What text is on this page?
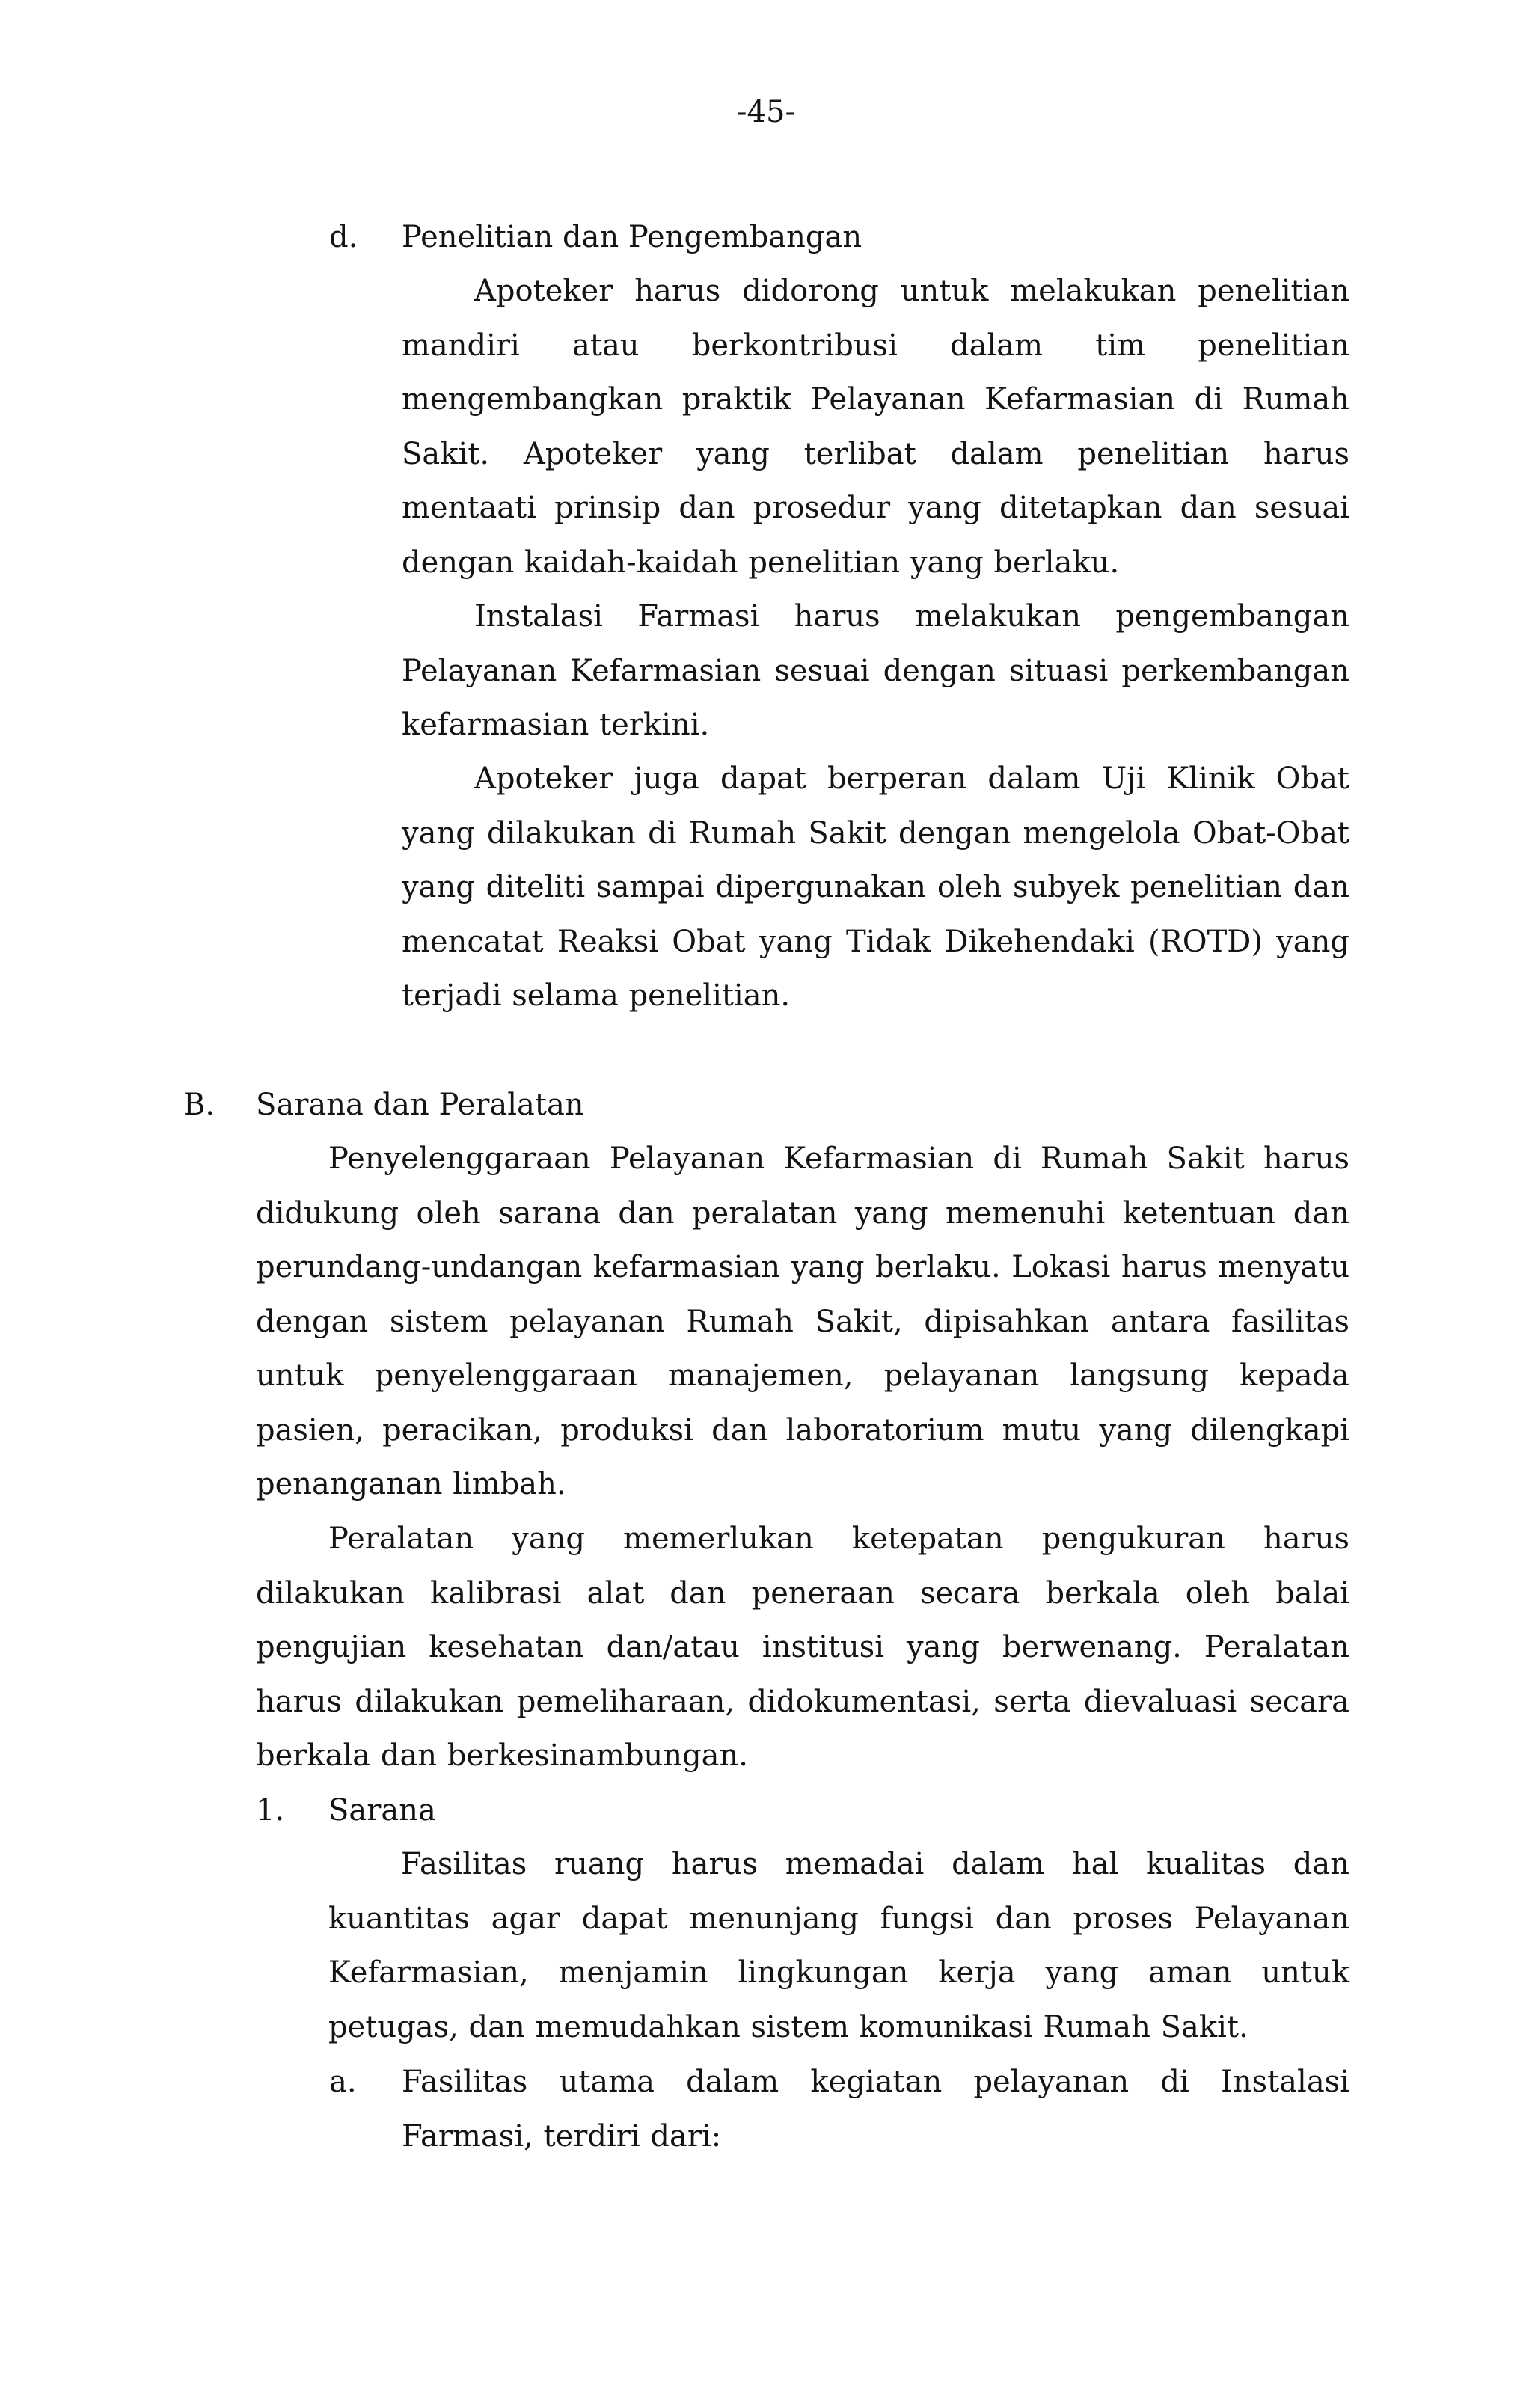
-45-
d. Penelitian dan Pengembangan

Apoteker harus didorong untuk melakukan penelitian mandiri atau berkontribusi dalam tim penelitian mengembangkan praktik Pelayanan Kefarmasian di Rumah Sakit. Apoteker yang terlibat dalam penelitian harus mentaati prinsip dan prosedur yang ditetapkan dan sesuai dengan kaidah-kaidah penelitian yang berlaku.

Instalasi Farmasi harus melakukan pengembangan Pelayanan Kefarmasian sesuai dengan situasi perkembangan kefarmasian terkini.

Apoteker juga dapat berperan dalam Uji Klinik Obat yang dilakukan di Rumah Sakit dengan mengelola Obat-Obat yang diteliti sampai dipergunakan oleh subyek penelitian dan mencatat Reaksi Obat yang Tidak Dikehendaki (ROTD) yang terjadi selama penelitian.

B. Sarana dan Peralatan

Penyelenggaraan Pelayanan Kefarmasian di Rumah Sakit harus didukung oleh sarana dan peralatan yang memenuhi ketentuan dan perundang-undangan kefarmasian yang berlaku. Lokasi harus menyatu dengan sistem pelayanan Rumah Sakit, dipisahkan antara fasilitas untuk penyelenggaraan manajemen, pelayanan langsung kepada pasien, peracikan, produksi dan laboratorium mutu yang dilengkapi penanganan limbah.

Peralatan yang memerlukan ketepatan pengukuran harus dilakukan kalibrasi alat dan peneraan secara berkala oleh balai pengujian kesehatan dan/atau institusi yang berwenang. Peralatan harus dilakukan pemeliharaan, didokumentasi, serta dievaluasi secara berkala dan berkesinambungan.

1. Sarana

Fasilitas ruang harus memadai dalam hal kualitas dan kuantitas agar dapat menunjang fungsi dan proses Pelayanan Kefarmasian, menjamin lingkungan kerja yang aman untuk petugas, dan memudahkan sistem komunikasi Rumah Sakit.

a. Fasilitas utama dalam kegiatan pelayanan di Instalasi Farmasi, terdiri dari:
